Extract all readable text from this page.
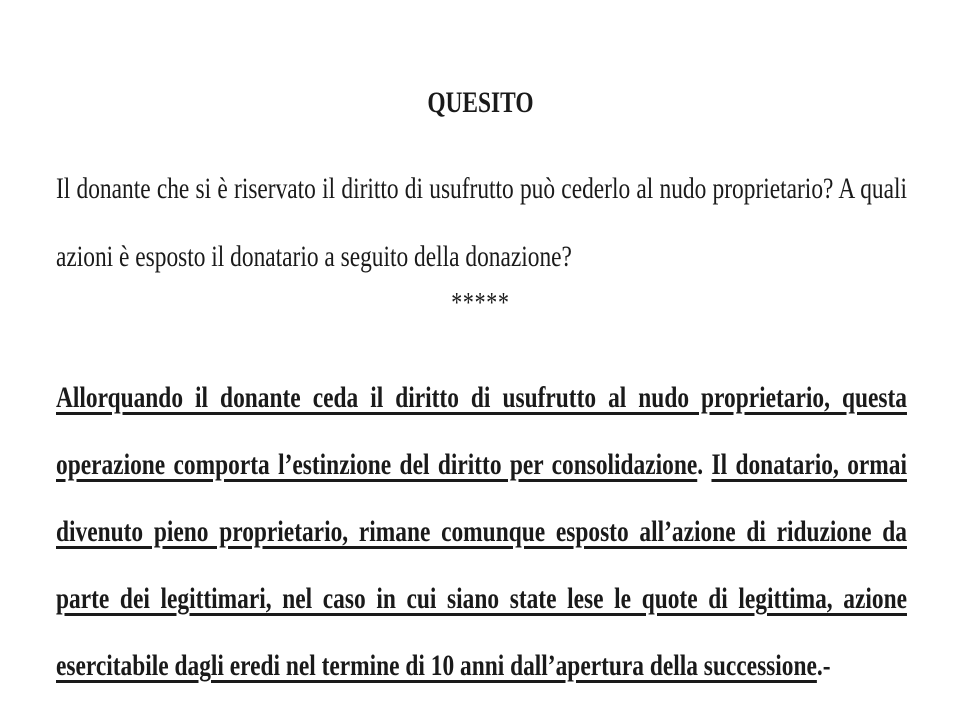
QUESITO

Il donante che si è riservato il diritto di usufrutto può cederlo al nudo proprietario? A quali azioni è esposto il donatario a seguito della donazione?

*****

Allorquando il donante ceda il diritto di usufrutto al nudo proprietario, questa operazione comporta l’estinzione del diritto per consolidazione. Il donatario, ormai divenuto pieno proprietario, rimane comunque esposto all’azione di riduzione da parte dei legittimari, nel caso in cui siano state lese le quote di legittima, azione esercitabile dagli eredi nel termine di 10 anni dall’apertura della successione.-
